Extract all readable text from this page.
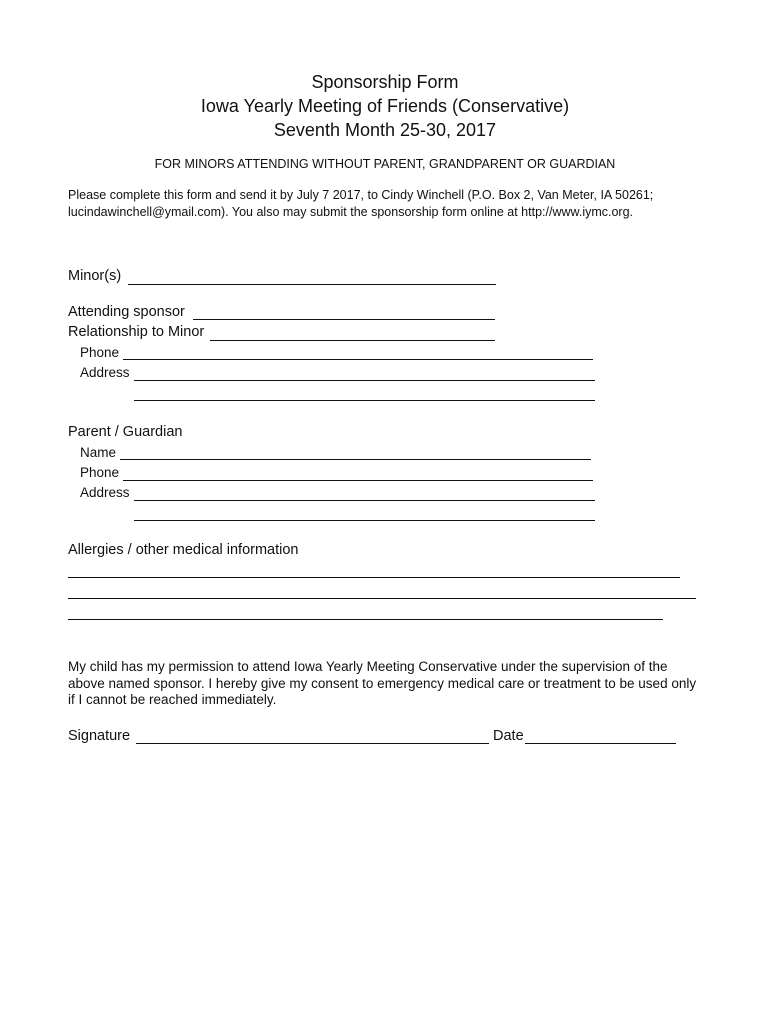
Sponsorship Form
Iowa Yearly Meeting of Friends (Conservative)
Seventh Month 25-30, 2017
FOR MINORS ATTENDING WITHOUT PARENT, GRANDPARENT OR GUARDIAN
Please complete this form and send it by July 7 2017, to Cindy Winchell (P.O. Box 2, Van Meter, IA 50261; lucindawinchell@ymail.com). You also may submit the sponsorship form online at http://www.iymc.org.
Minor(s)
Attending sponsor
Relationship to Minor
Phone
Address
Parent / Guardian
Name
Phone
Address
Allergies / other medical information
My child has my permission to attend Iowa Yearly Meeting Conservative under the supervision of the above named sponsor. I hereby give my consent to emergency medical care or treatment to be used only if I cannot be reached immediately.
Signature	Date
